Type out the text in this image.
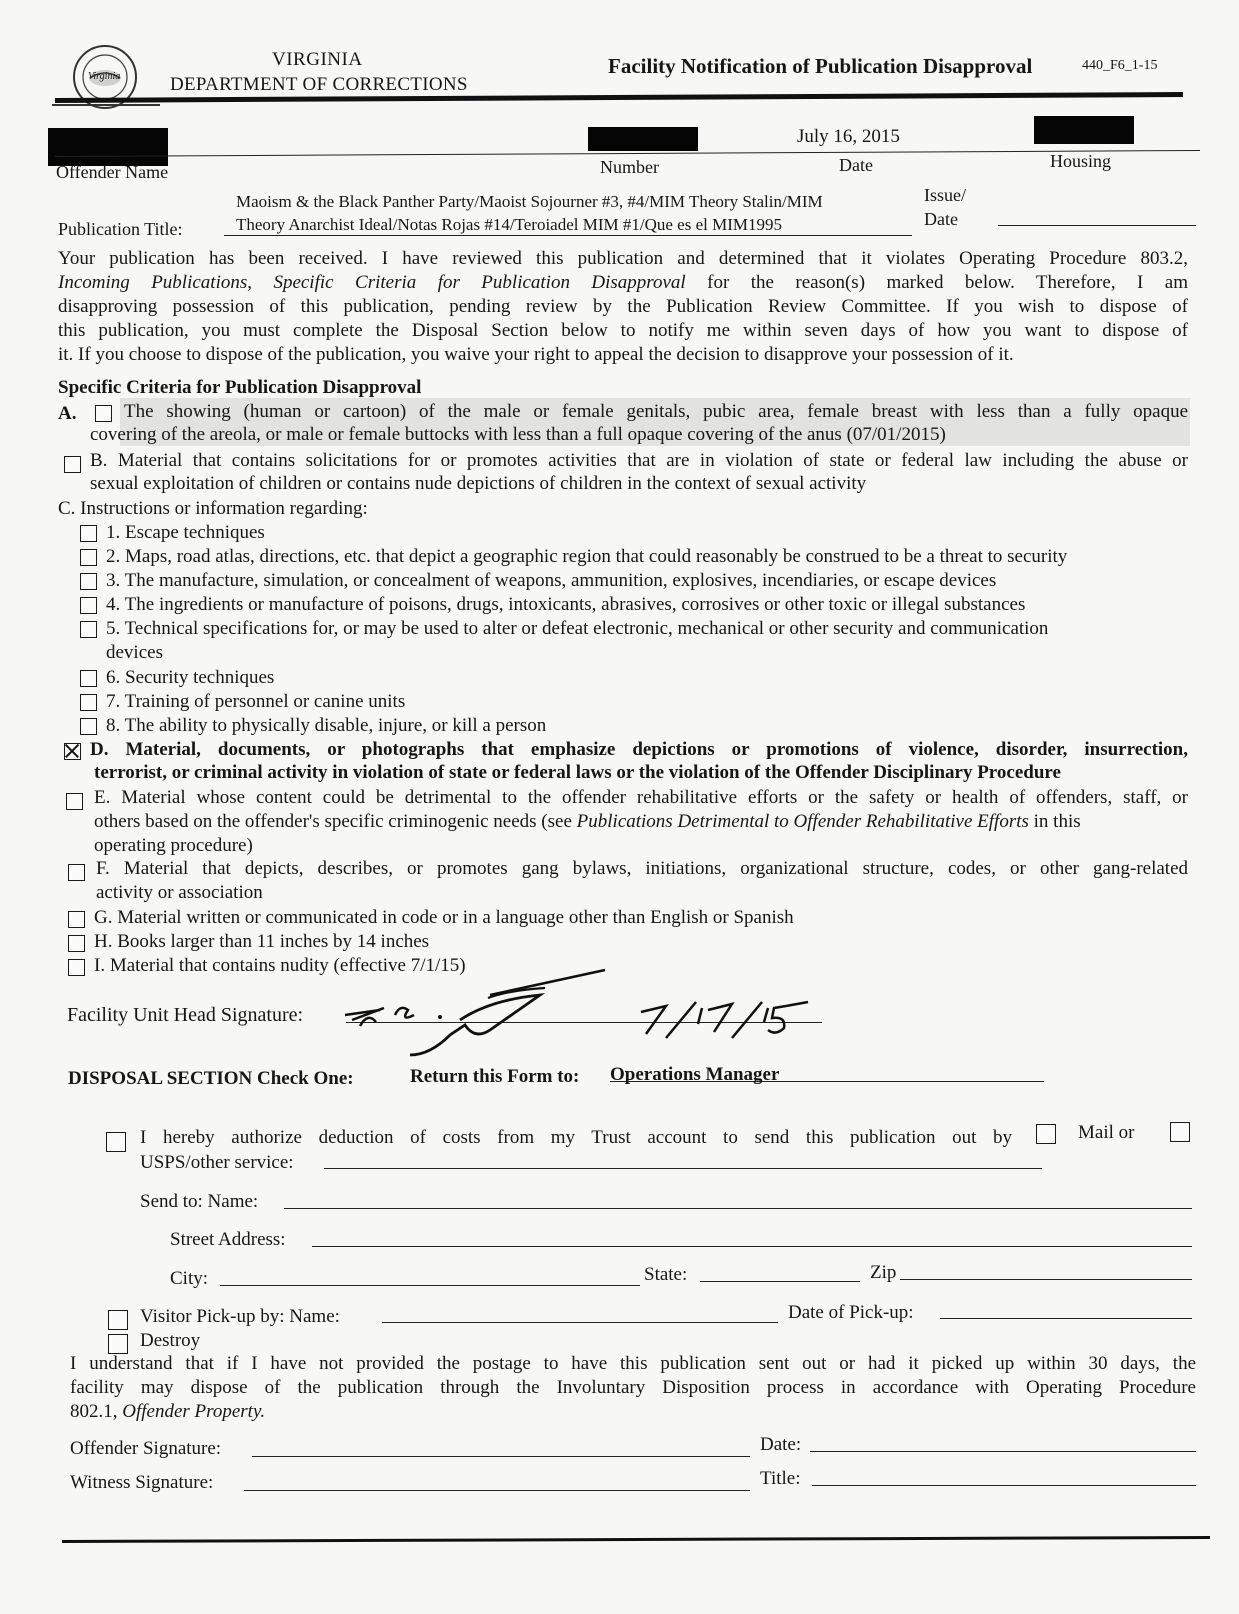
Virginia
VIRGINIA
DEPARTMENT OF CORRECTIONS
Facility Notification of Publication Disapproval	440_F6_1-15
July 16, 2015
Offender Name	Number	Date	Housing
Maoism & the Black Panther Party/Maoist Sojourner #3, #4/MIM Theory Stalin/MIM
Theory Anarchist Ideal/Notas Rojas #14/Teroiadel MIM #1/Que es el MIM1995
Publication Title:
Issue/
Date
Your publication has been received. I have reviewed this publication and determined that it violates Operating Procedure 803.2,
Incoming Publications, Specific Criteria for Publication Disapproval for the reason(s) marked below. Therefore, I am
disapproving possession of this publication, pending review by the Publication Review Committee. If you wish to dispose of
this publication, you must complete the Disposal Section below to notify me within seven days of how you want to dispose of
it. If you choose to dispose of the publication, you waive your right to appeal the decision to disapprove your possession of it.
Specific Criteria for Publication Disapproval
A.	The showing (human or cartoon) of the male or female genitals, pubic area, female breast with less than a fully opaque
covering of the areola, or male or female buttocks with less than a full opaque covering of the anus (07/01/2015)
B. Material that contains solicitations for or promotes activities that are in violation of state or federal law including the abuse or
sexual exploitation of children or contains nude depictions of children in the context of sexual activity
C. Instructions or information regarding:
1. Escape techniques
2. Maps, road atlas, directions, etc. that depict a geographic region that could reasonably be construed to be a threat to security
3. The manufacture, simulation, or concealment of weapons, ammunition, explosives, incendiaries, or escape devices
4. The ingredients or manufacture of poisons, drugs, intoxicants, abrasives, corrosives or other toxic or illegal substances
5. Technical specifications for, or may be used to alter or defeat electronic, mechanical or other security and communication
devices
6. Security techniques
7. Training of personnel or canine units
8. The ability to physically disable, injure, or kill a person
D. Material, documents, or photographs that emphasize depictions or promotions of violence, disorder, insurrection,
terrorist, or criminal activity in violation of state or federal laws or the violation of the Offender Disciplinary Procedure
E. Material whose content could be detrimental to the offender rehabilitative efforts or the safety or health of offenders, staff, or
others based on the offender's specific criminogenic needs (see Publications Detrimental to Offender Rehabilitative Efforts in this
operating procedure)
F. Material that depicts, describes, or promotes gang bylaws, initiations, organizational structure, codes, or other gang-related
activity or association
G. Material written or communicated in code or in a language other than English or Spanish
H. Books larger than 11 inches by 14 inches
I. Material that contains nudity (effective 7/1/15)
Facility Unit Head Signature:
DISPOSAL SECTION Check One:	Return this Form to: Operations Manager
I hereby authorize deduction of costs from my Trust account to send this publication out by	Mail or
USPS/other service:
Send to: Name:
Street Address:
City:	State:	Zip
Visitor Pick-up by: Name:	Date of Pick-up:
Destroy
I understand that if I have not provided the postage to have this publication sent out or had it picked up within 30 days, the
facility may dispose of the publication through the Involuntary Disposition process in accordance with Operating Procedure
802.1, Offender Property.
Offender Signature:	Date:
Witness Signature:	Title:
